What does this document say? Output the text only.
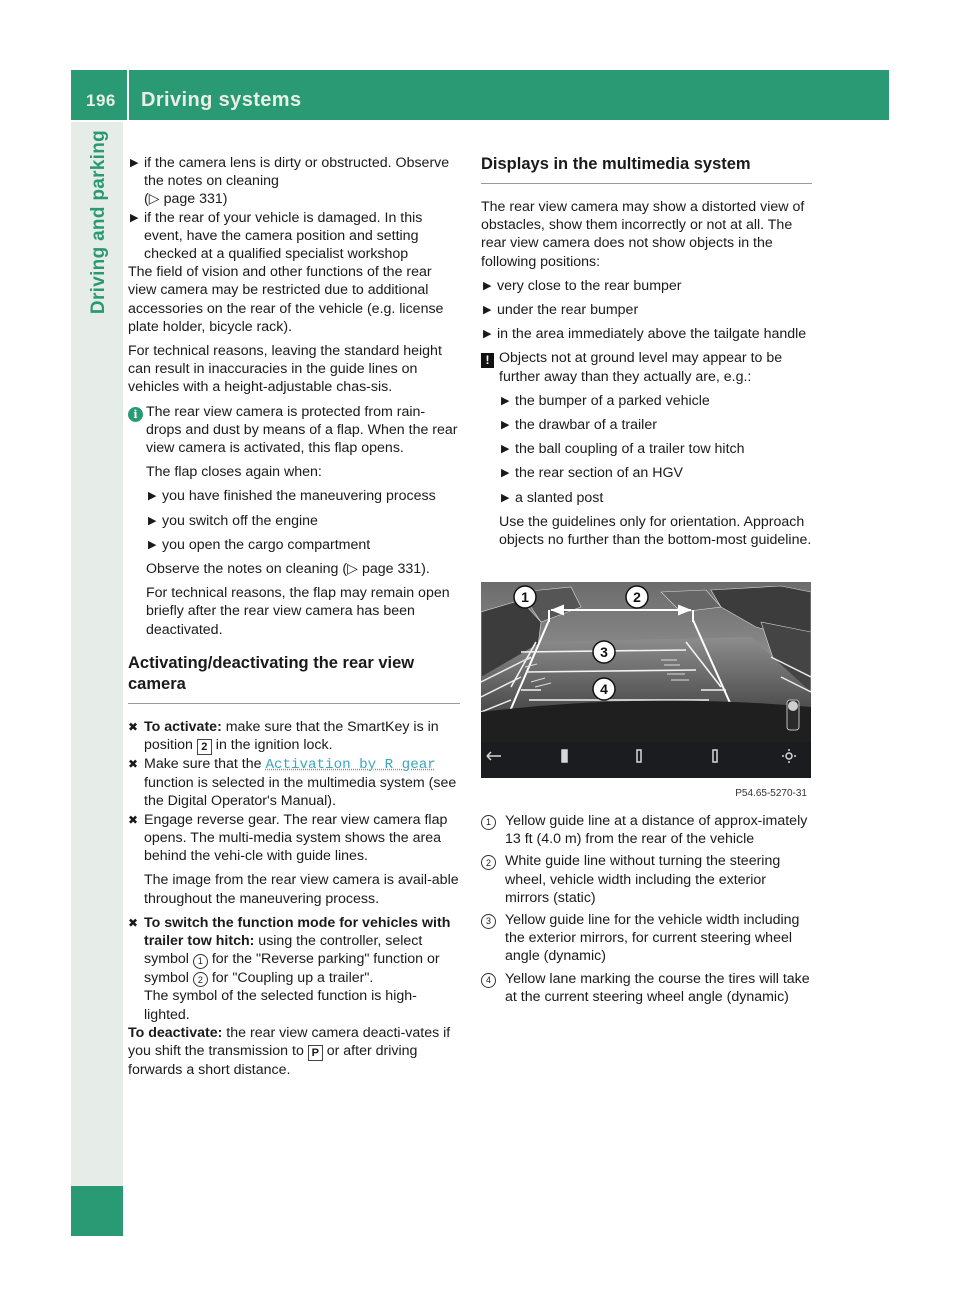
196 Driving systems
Driving and parking ▶ if the camera lens is dirty or obstructed. Observe the notes on cleaning
(▷ page 331)
▶ if the rear of your vehicle is damaged. In this event, have the camera position and setting checked at a qualified specialist workshop

The field of vision and other functions of the rear view camera may be restricted due to additional accessories on the rear of the vehicle (e.g. license plate holder, bicycle rack).

For technical reasons, leaving the standard height can result in inaccuracies in the guide lines on vehicles with a height-adjustable chas-sis.

i The rear view camera is protected from rain-drops and dust by means of a flap. When the rear view camera is activated, this flap opens.

The flap closes again when:

▶ you have finished the maneuvering process
▶ you switch off the engine
▶ you open the cargo compartment

Observe the notes on cleaning (▷ page 331).

For technical reasons, the flap may remain open briefly after the rear view camera has been deactivated.

Activating/deactivating the rear view camera

✖ To activate: make sure that the SmartKey is in position 2 in the ignition lock.
✖ Make sure that the Activation by R gear function is selected in the multimedia system (see the Digital Operator's Manual).
✖ Engage reverse gear. The rear view camera flap opens. The multi-media system shows the area behind the vehi-cle with guide lines.

The image from the rear view camera is avail-able throughout the maneuvering process.

✖ To switch the function mode for vehicles with trailer tow hitch: using the controller, select symbol 1 for the "Reverse parking" function or symbol 2 for "Coupling up a trailer".
The symbol of the selected function is high-lighted.

To deactivate: the rear view camera deacti-vates if you shift the transmission to P or after driving forwards a short distance.

Displays in the multimedia system

The rear view camera may show a distorted view of obstacles, show them incorrectly or not at all. The rear view camera does not show objects in the following positions:

▶ very close to the rear bumper
▶ under the rear bumper
▶ in the area immediately above the tailgate handle
! Objects not at ground level may appear to be further away than they actually are, e.g.:

▶ the bumper of a parked vehicle
▶ the drawbar of a trailer
▶ the ball coupling of a trailer tow hitch
▶ the rear section of an HGV
▶ a slanted post

Use the guidelines only for orientation. Approach objects no further than the bottom-most guideline.

1	2
3
4
P54.65-5270-31
1 Yellow guide line at a distance of approx-imately 13 ft (4.0 m) from the rear of the vehicle
2 White guide line without turning the steering wheel, vehicle width including the exterior mirrors (static)
3 Yellow guide line for the vehicle width including the exterior mirrors, for current steering wheel angle (dynamic)
4 Yellow lane marking the course the tires will take at the current steering wheel angle (dynamic)
